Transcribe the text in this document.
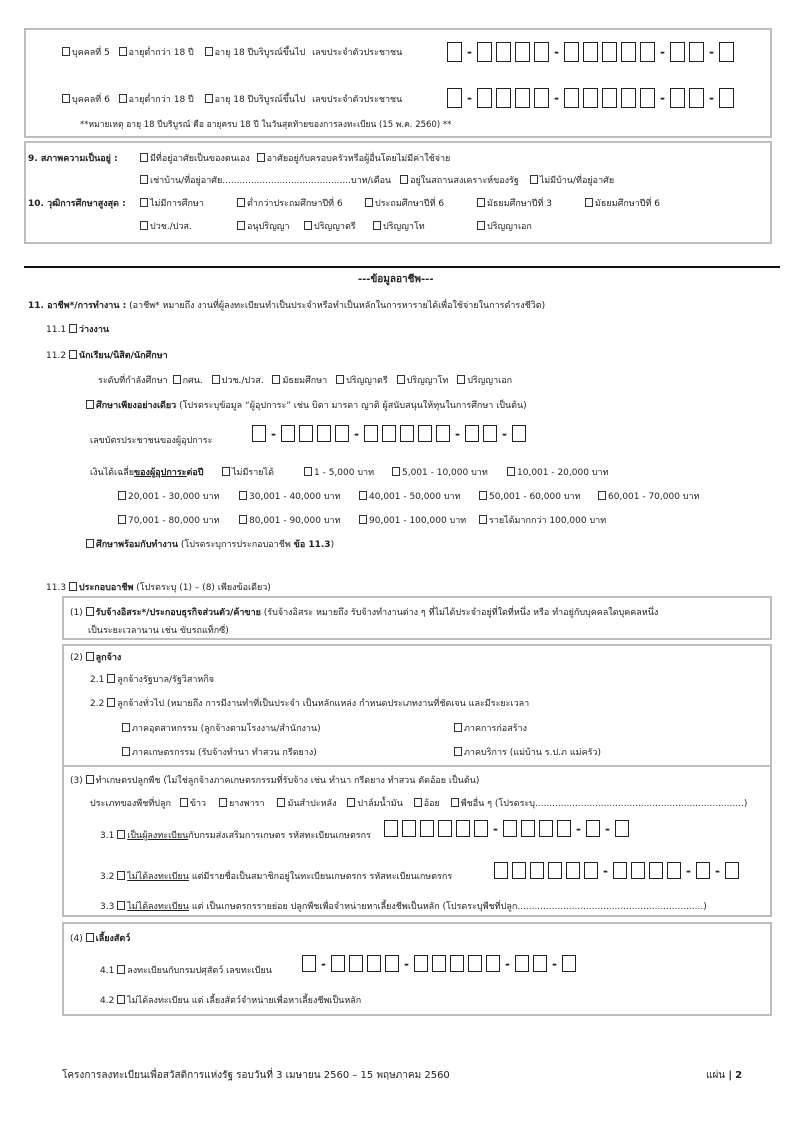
บุคคลที่ 5 อายุต่ำกว่า 18 ปี อายุ 18 ปีบริบูรณ์ขึ้นไป เลขประจำตัวประชาชน	-	-	-	-
บุคคลที่ 6 อายุต่ำกว่า 18 ปี อายุ 18 ปีบริบูรณ์ขึ้นไป เลขประจำตัวประชาชน	-	-	-	-
**หมายเหตุ อายุ 18 ปีบริบูรณ์ คือ อายุครบ 18 ปี ในวันสุดท้ายของการลงทะเบียน (15 พ.ค. 2560) **
9. สภาพความเป็นอยู่ :	มีที่อยู่อาศัยเป็นของตนเอง อาศัยอยู่กับครอบครัวหรือผู้อื่นโดยไม่มีค่าใช้จ่าย
เช่าบ้าน/ที่อยู่อาศัย.............................................บาท/เดือน อยู่ในสถานสงเคราะห์ของรัฐ ไม่มีบ้าน/ที่อยู่อาศัย
10. วุฒิการศึกษาสูงสุด :	ไม่มีการศึกษา	ต่ำกว่าประถมศึกษาปีที่ 6	ประถมศึกษาปีที่ 6	มัธยมศึกษาปีที่ 3	มัธยมศึกษาปีที่ 6
ปวช./ปวส.	อนุปริญญา	ปริญญาตรี	ปริญญาโท	ปริญญาเอก
---ข้อมูลอาชีพ---
11. อาชีพ*/การทำงาน : (อาชีพ* หมายถึง งานที่ผู้ลงทะเบียนทำเป็นประจำหรือทำเป็นหลักในการหารายได้เพื่อใช้จ่ายในการดำรงชีวิต)
11.1 ว่างงาน
11.2 นักเรียน/นิสิต/นักศึกษา
ระดับที่กำลังศึกษา กศน. ปวช./ปวส. มัธยมศึกษา ปริญญาตรี ปริญญาโท ปริญญาเอก
ศึกษาเพียงอย่างเดียว (โปรดระบุข้อมูล “ผู้อุปการะ” เช่น บิดา มารดา ญาติ ผู้สนับสนุนให้ทุนในการศึกษา เป็นต้น)
เลขบัตรประชาชนของผู้อุปการะ
-	-	-	-
เงินได้เฉลี่ยของผู้อุปการะต่อปี	ไม่มีรายได้	1 - 5,000 บาท	5,001 - 10,000 บาท	10,001 - 20,000 บาท
20,001 - 30,000 บาท	30,001 - 40,000 บาท	40,001 - 50,000 บาท	50,001 - 60,000 บาท	60,001 - 70,000 บาท
70,001 - 80,000 บาท	80,001 - 90,000 บาท	90,001 - 100,000 บาท	รายได้มากกว่า 100,000 บาท
ศึกษาพร้อมกับทำงาน (โปรดระบุการประกอบอาชีพ ข้อ 11.3)
11.3 ประกอบอาชีพ (โปรดระบุ (1) – (8) เพียงข้อเดียว)
(1) รับจ้างอิสระ*/ประกอบธุรกิจส่วนตัว/ค้าขาย (รับจ้างอิสระ หมายถึง รับจ้างทำงานต่าง ๆ ที่ไม่ได้ประจำอยู่ที่ใดที่หนึ่ง หรือ ทำอยู่กับบุคคลใดบุคคลหนึ่ง
เป็นระยะเวลานาน เช่น ขับรถแท็กซี่)
(2) ลูกจ้าง
2.1 ลูกจ้างรัฐบาล/รัฐวิสาหกิจ
2.2 ลูกจ้างทั่วไป (หมายถึง การมีงานทำที่เป็นประจำ เป็นหลักแหล่ง กำหนดประเภทงานที่ชัดเจน และมีระยะเวลา
ภาคอุตสาหกรรม (ลูกจ้างตามโรงงาน/สำนักงาน)	ภาคการก่อสร้าง
ภาคเกษตรกรรม (รับจ้างทำนา ทำสวน กรีดยาง)	ภาคบริการ (แม่บ้าน ร.ป.ภ แม่ครัว)
(3) ทำเกษตรปลูกพืช (ไม่ใช่ลูกจ้างภาคเกษตรกรรมที่รับจ้าง เช่น ทำนา กรีดยาง ทำสวน ตัดอ้อย เป็นต้น)
ประเภทของพืชที่ปลูก ข้าว	ยางพารา	มันสำปะหลัง ปาล์มน้ำมัน อ้อย พืชอื่น ๆ (โปรดระบุ.........................................................................)
3.1 เป็นผู้ลงทะเบียนกับกรมส่งเสริมการเกษตร รหัสทะเบียนเกษตรกร
-	- -
3.2 ไม่ได้ลงทะเบียน แต่มีรายชื่อเป็นสมาชิกอยู่ในทะเบียนเกษตรกร รหัสทะเบียนเกษตรกร	-	- -
3.3 ไม่ได้ลงทะเบียน แต่ เป็นเกษตรกรรายย่อย ปลูกพืชเพื่อจำหน่ายหาเลี้ยงชีพเป็นหลัก (โปรดระบุพืชที่ปลูก.................................................................)
(4) เลี้ยงสัตว์
4.1 ลงทะเบียนกับกรมปศุสัตว์ เลขทะเบียน
-	-	-	-
4.2 ไม่ได้ลงทะเบียน แต่ เลี้ยงสัตว์จำหน่ายเพื่อหาเลี้ยงชีพเป็นหลัก
โครงการลงทะเบียนเพื่อสวัสดิการแห่งรัฐ รอบวันที่ 3 เมษายน 2560 – 15 พฤษภาคม 2560	แผ่น | 2
